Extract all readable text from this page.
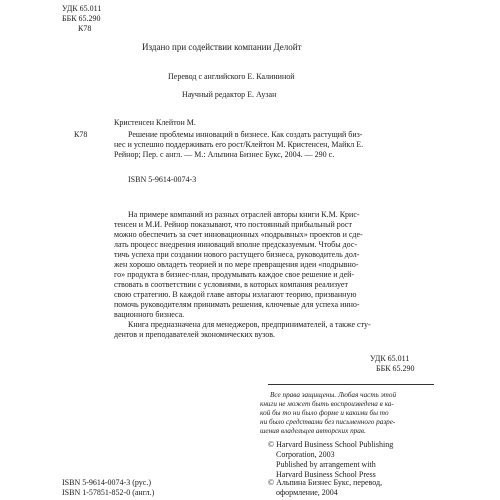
УДК 65.011
ББК 65.290
К78
Издано при содействии компании Делойт
Перевод с английского Е. Калининой
Научный редактор Е. Аузан
Кристенсен Клейтон М.
К78	Решение проблемы инноваций в бизнесе. Как создать растущий биз-
нес и успешно поддерживать его рост/Клейтон М. Кристенсен, Майкл Е.
Рейнор; Пер. с англ. — М.: Альпина Бизнес Букс, 2004. — 290 с.
ISBN 5-9614-0074-3
На примере компаний из разных отраслей авторы книги К.М. Крис-
тенсен и М.И. Рейнор показывают, что постоянный прибыльный рост
можно обеспечить за счет инновационных «подрывных» проектов и сде-
лать процесс внедрения инноваций вполне предсказуемым. Чтобы дос-
тичь успеха при создании нового растущего бизнеса, руководитель дол-
жен хорошо овладеть теорией и по мере превращения идеи «подрывно-
го» продукта в бизнес-план, продумывать каждое свое решение и дей-
ствовать в соответствии с условиями, в которых компания реализует
свою стратегию. В каждой главе авторы излагают теорию, призванную
помочь руководителям принимать решения, ключевые для успеха инно-
вационного бизнеса.
Книга предназначена для менеджеров, предпринимателей, а также сту-
дентов и преподавателей экономических вузов.
УДК 65.011
ББК 65.290
Все права защищены. Любая часть этой
книги не может быть воспроизведена в ка-
кой бы то ни было форме и какими бы то
ни было средствами без письменного разре-
шения владельцев авторских прав.
© Harvard Business School Publishing
Corporation, 2003
Published by arrangement with
Harvard Business School Press
ISBN 5-9614-0074-3 (рус.)
ISBN 1-57851-852-0 (англ.)
© Альпина Бизнес Букс, перевод,
оформление, 2004
